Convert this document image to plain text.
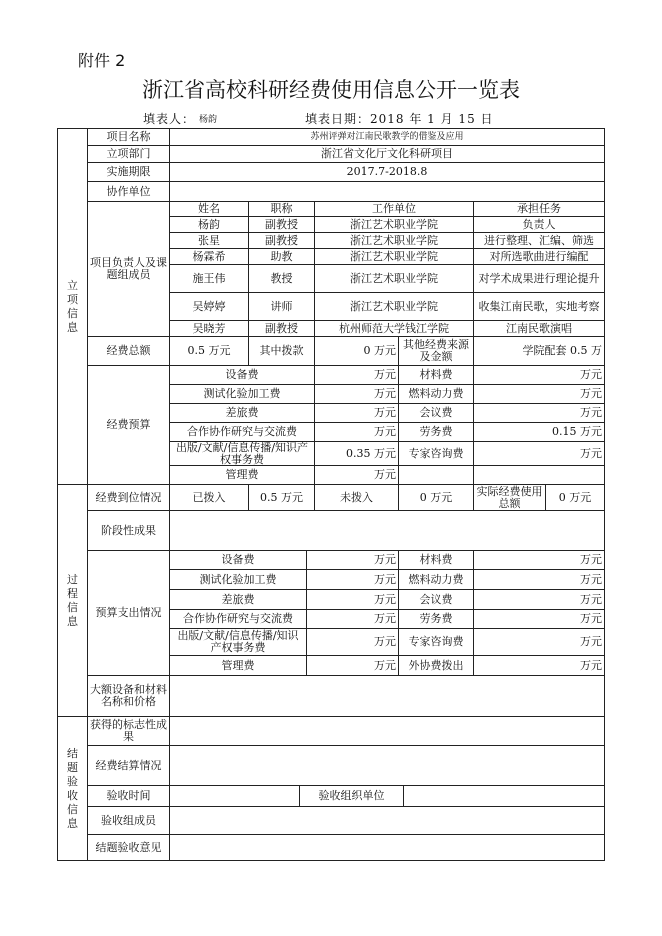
附件 2
浙江省高校科研经费使用信息公开一览表
填表人： 杨韵	填表日期：2018 年 1 月 15 日
立项信息
过程信息
结题验收信息
项目名称	苏州评弹对江南民歌教学的借鉴及应用
立项部门	浙江省文化厅文化科研项目
实施期限	2017.7-2018.8
协作单位
项目负责人及课题组成员
姓名	职称	工作单位	承担任务
杨韵	副教授	浙江艺术职业学院	负责人
张星	副教授	浙江艺术职业学院	进行整理、汇编、筛选
杨霖希	助教	浙江艺术职业学院	对所选歌曲进行编配
施王伟	教授	浙江艺术职业学院	对学术成果进行理论提升
吴婷婷	讲师	浙江艺术职业学院	收集江南民歌，实地考察
吴晓芳	副教授	杭州师范大学钱江学院	江南民歌演唱
经费总额	0.5 万元	其中拨款	0 万元 其他经费来源及金额	学院配套 0.5 万
经费预算
设备费	万元	材料费	万元
测试化验加工费	万元	燃料动力费	万元
差旅费	万元	会议费	万元
合作协作研究与交流费	万元	劳务费	0.15 万元
出版/文献/信息传播/知识产权事务费	0.35 万元	专家咨询费	万元
管理费	万元
经费到位情况	已拨入	0.5 万元	未拨入	0 万元	实际经费使用总额	0 万元
阶段性成果
预算支出情况
设备费	万元	材料费	万元
测试化验加工费	万元	燃料动力费	万元
差旅费	万元	会议费	万元
合作协作研究与交流费	万元	劳务费	万元
出版/文献/信息传播/知识产权事务费	万元	专家咨询费	万元
管理费	万元	外协费拨出	万元
大额设备和材料名称和价格
获得的标志性成果
经费结算情况
验收时间	验收组织单位
验收组成员
结题验收意见
